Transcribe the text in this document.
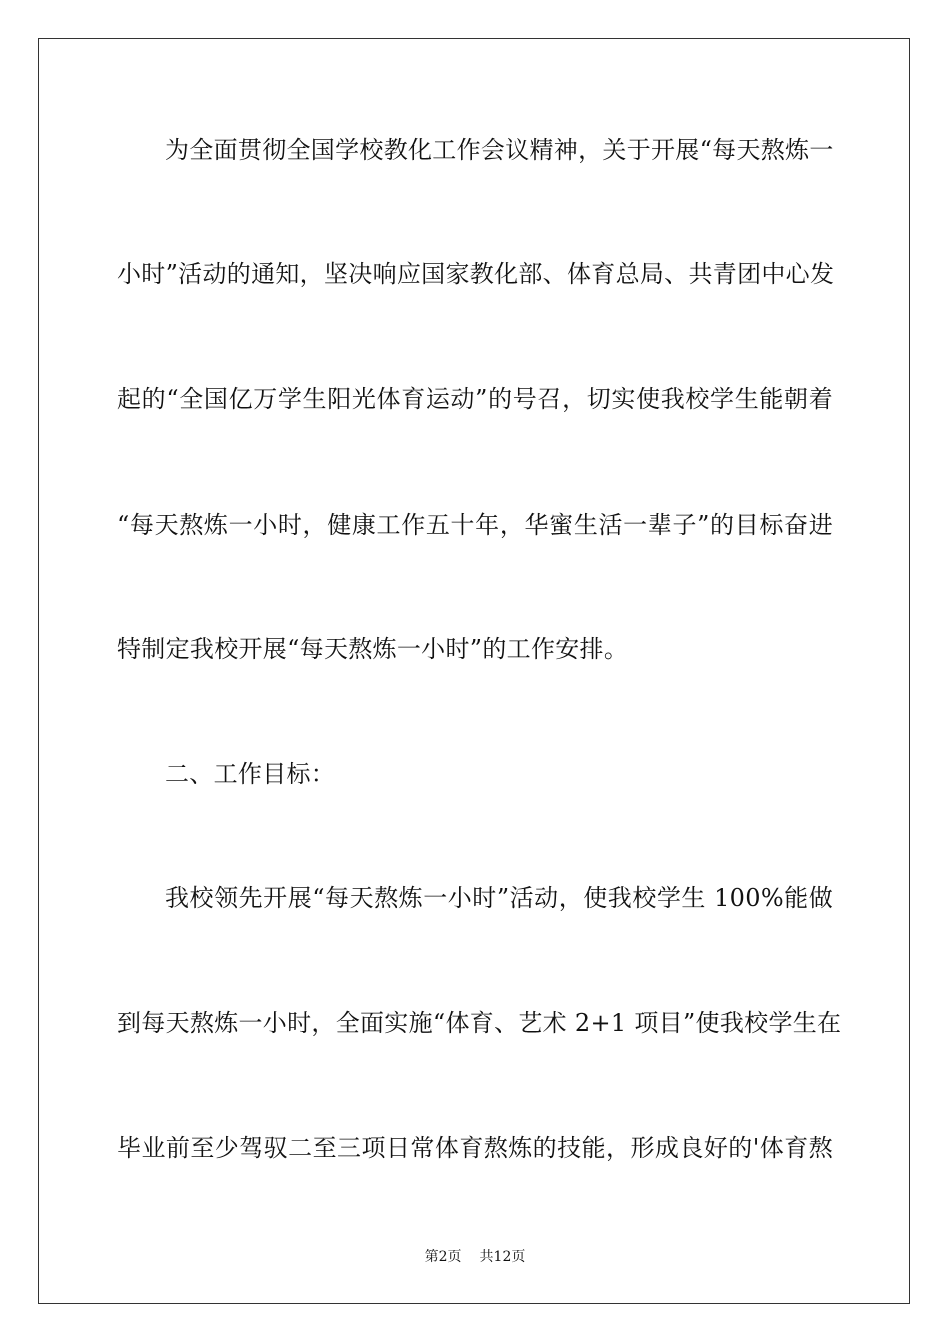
为全面贯彻全国学校教化工作会议精神，关于开展“每天熬炼一
小时”活动的通知，坚决响应国家教化部、体育总局、共青团中心发
起的“全国亿万学生阳光体育运动”的号召，切实使我校学生能朝着
“每天熬炼一小时，健康工作五十年，华蜜生活一辈子”的目标奋进
特制定我校开展“每天熬炼一小时”的工作安排。
二、工作目标：
我校领先开展“每天熬炼一小时”活动，使我校学生 100%能做
到每天熬炼一小时，全面实施“体育、艺术 2+1 项目”使我校学生在
毕业前至少驾驭二至三项日常体育熬炼的技能，形成良好的'体育熬
第2页 共12页
